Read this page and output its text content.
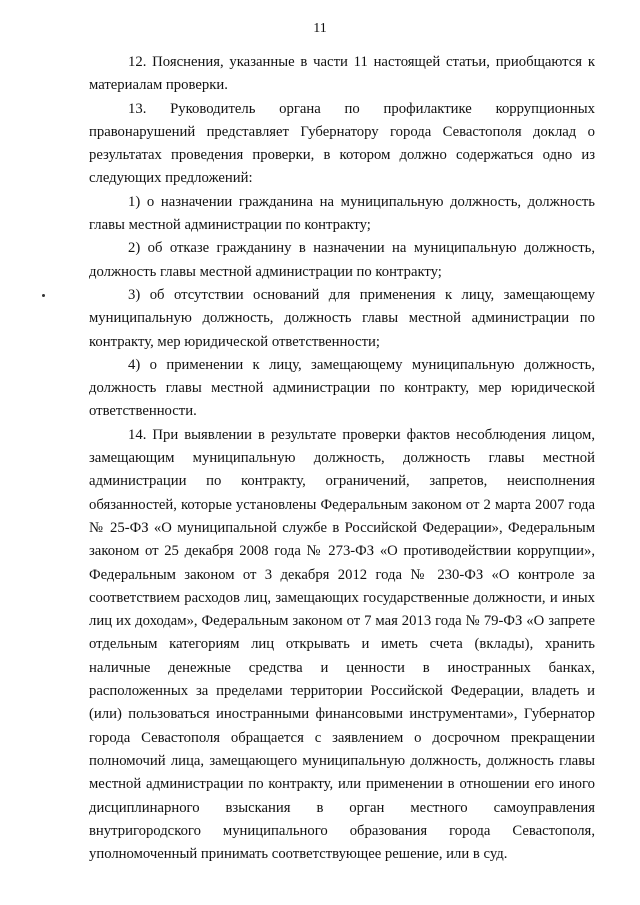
11

12. Пояснения, указанные в части 11 настоящей статьи, приобщаются к материалам проверки.

13. Руководитель органа по профилактике коррупционных правонарушений представляет Губернатору города Севастополя доклад о результатах проведения проверки, в котором должно содержаться одно из следующих предложений:

1) о назначении гражданина на муниципальную должность, должность главы местной администрации по контракту;

2) об отказе гражданину в назначении на муниципальную должность, должность главы местной администрации по контракту;

3) об отсутствии оснований для применения к лицу, замещающему муниципальную должность, должность главы местной администрации по контракту, мер юридической ответственности;

4) о применении к лицу, замещающему муниципальную должность, должность главы местной администрации по контракту, мер юридической ответственности.

14. При выявлении в результате проверки фактов несоблюдения лицом, замещающим муниципальную должность, должность главы местной администрации по контракту, ограничений, запретов, неисполнения обязанностей, которые установлены Федеральным законом от 2 марта 2007 года № 25-ФЗ «О муниципальной службе в Российской Федерации», Федеральным законом от 25 декабря 2008 года № 273-ФЗ «О противодействии коррупции», Федеральным законом от 3 декабря 2012 года № 230-ФЗ «О контроле за соответствием расходов лиц, замещающих государственные должности, и иных лиц их доходам», Федеральным законом от 7 мая 2013 года № 79-ФЗ «О запрете отдельным категориям лиц открывать и иметь счета (вклады), хранить наличные денежные средства и ценности в иностранных банках, расположенных за пределами территории Российской Федерации, владеть и (или) пользоваться иностранными финансовыми инструментами», Губернатор города Севастополя обращается с заявлением о досрочном прекращении полномочий лица, замещающего муниципальную должность, должность главы местной администрации по контракту, или применении в отношении его иного дисциплинарного взыскания в орган местного самоуправления внутригородского муниципального образования города Севастополя, уполномоченный принимать соответствующее решение, или в суд.
